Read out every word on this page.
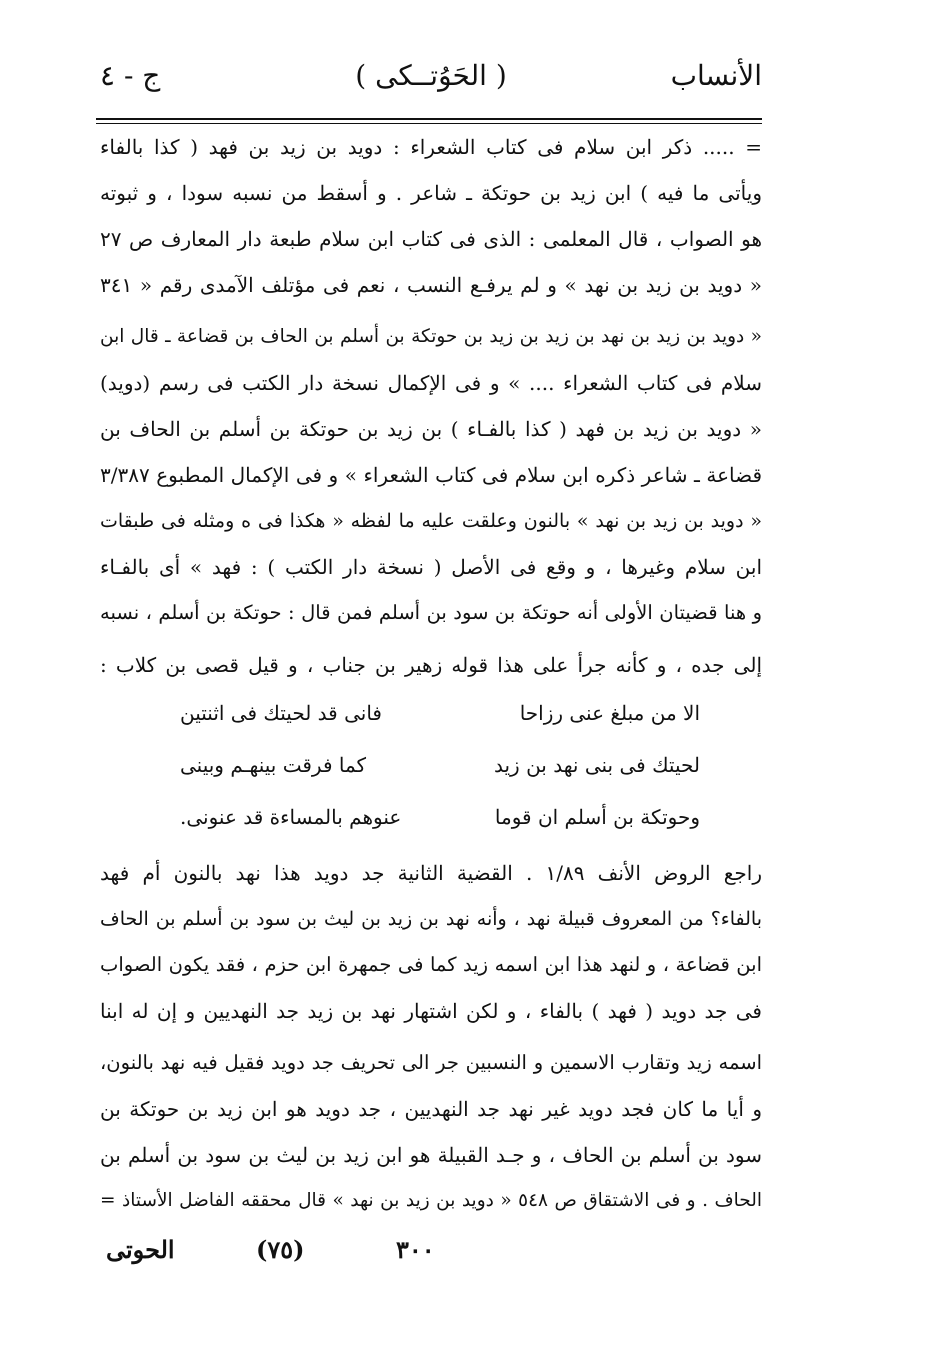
الأنساب
( الحَوُتــكى )
ج - ٤
= ..... ذكر ابن سلام فى كتاب الشعراء : دويد بن زيد بن فهد ( كذا بالفاء
ويأتى ما فيه ) ابن زيد بن حوتكة ـ شاعر . و أسقط من نسبه سودا ، و ثبوته
هو الصواب ، قال المعلمى : الذى فى كتاب ابن سلام طبعة دار المعارف ص ٢٧
« دويد بن زيد بن نهد » و لم يرفـع النسب ، نعم فى مؤتلف الآمدى رقم « ٣٤١
« دويد بن زيد بن نهد بن زيد بن زيد بن حوتكة بن أسلم بن الحاف بن قضاعة ـ قال ابن
سلام فى كتاب الشعراء .... » و فى الإكمال نسخة دار الكتب فى رسم (دويد)
« دويد بن زيد بن فهد ( كذا بالفـاء ) بن زيد بن حوتكة بن أسلم بن الحاف بن
قضاعة ـ شاعر ذكره ابن سلام فى كتاب الشعراء » و فى الإكمال المطبوع ٣/٣٨٧
« دويد بن زيد بن نهد » بالنون وعلقت عليه ما لفظه « هكذا فى ه ومثله فى طبقات
ابن سلام وغيرها ، و وقع فى الأصل ( نسخة دار الكتب ) : فهد » أى بالفـاء
و هنا قضيتان الأولى أنه حوتكة بن سود بن أسلم فمن قال : حوتكة بن أسلم ، نسبه
إلى جده ، و كأنه جرأ على هذا قوله زهير بن جناب ، و قيل قصى بن كلاب :
الا من مبلغ عنى رزاحا
فانى قد لحيتك فى اثنتين
لحيتك فى بنى نهد بن زيد
كما فرقت بينهـم وبينى
وحوتكة بن أسلم ان قوما
عنوهم بالمساءة قد عنونى.
راجع الروض الأنف ١/٨٩ . القضية الثانية جد دويد هذا نهد بالنون أم فهد
بالفاء؟ من المعروف قبيلة نهد ، وأنه نهد بن زيد بن ليث بن سود بن أسلم بن الحاف
ابن قضاعة ، و لنهد هذا ابن اسمه زيد كما فى جمهرة ابن حزم ، فقد يكون الصواب
فى جد دويد ( فهد ) بالفاء ، و لكن اشتهار نهد بن زيد جد النهديين و إن له ابنا
اسمه زيد وتقارب الاسمين و النسبين جر الى تحريف جد دويد فقيل فيه نهد بالنون،
و أيا ما كان فجد دويد غير نهد جد النهديين ، جد دويد هو ابن زيد بن حوتكة بن
سود بن أسلم بن الحاف ، و جـد القبيلة هو ابن زيد بن ليث بن سود بن أسلم بن
الحاف . و فى الاشتقاق ص ٥٤٨ « دويد بن زيد بن نهد » قال محققه الفاضل الأستاذ =
٣٠٠
(٧٥)
الحوتى
